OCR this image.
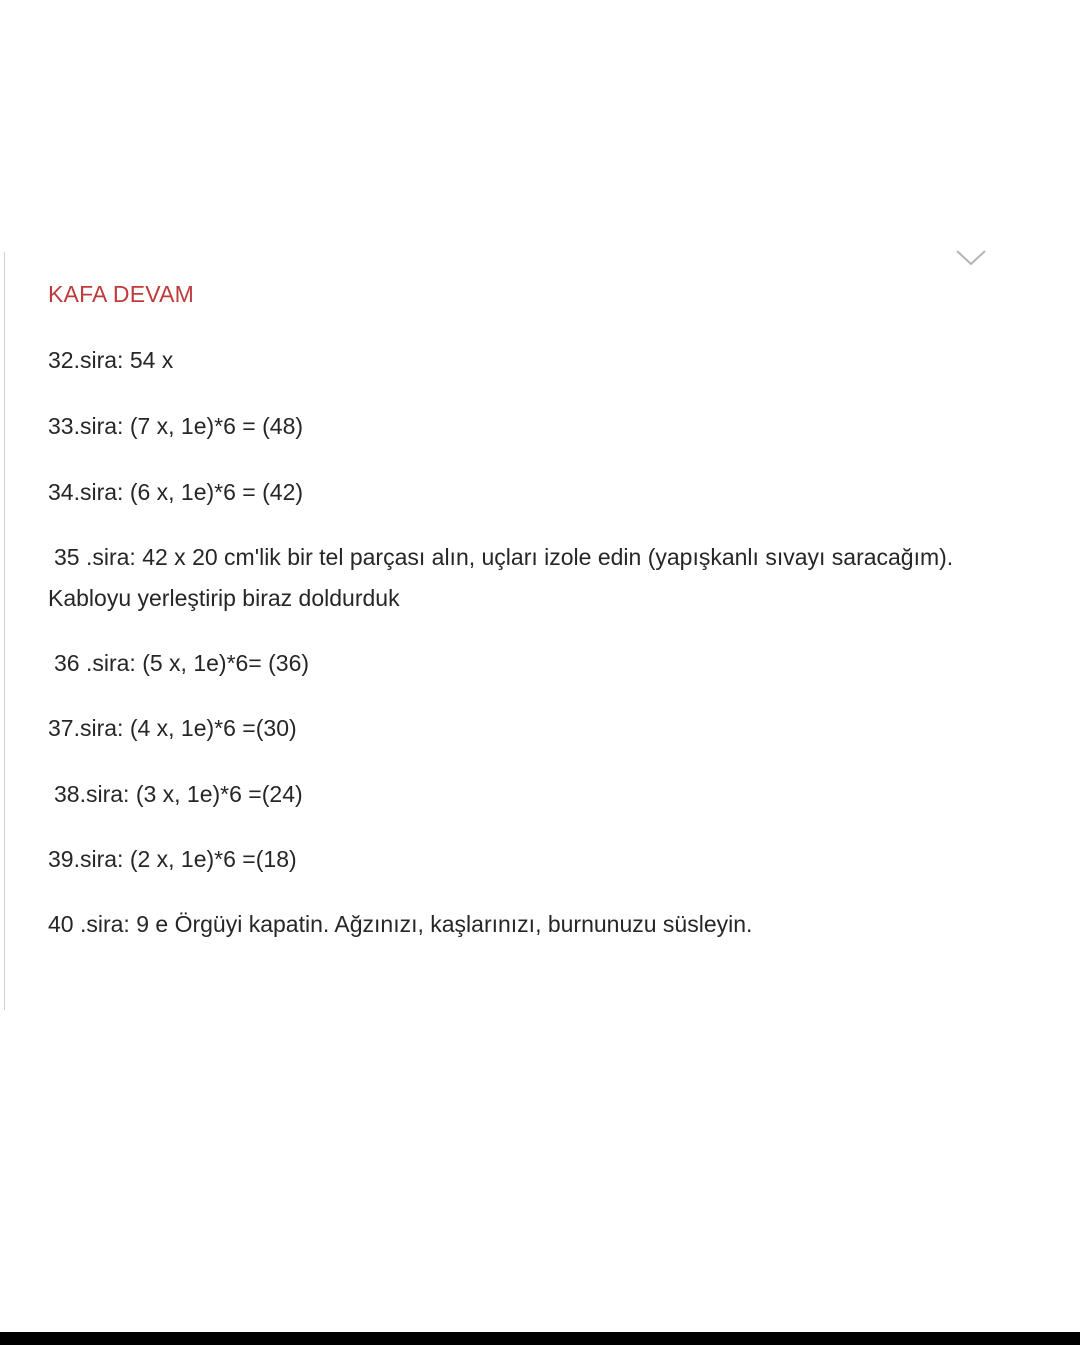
KAFA DEVAM
32.sira: 54 x
33.sira: (7 x, 1e)*6 = (48)
34.sira: (6 x, 1e)*6 = (42)
35 .sira: 42 x 20 cm'lik bir tel parçası alın, uçları izole edin (yapışkanlı sıvayı saracağım).
Kabloyu yerleştirip biraz doldurduk
36 .sira: (5 x, 1e)*6= (36)
37.sira: (4 x, 1e)*6 =(30)
38.sira: (3 x, 1e)*6 =(24)
39.sira: (2 x, 1e)*6 =(18)
40 .sira: 9 e Örgüyi kapatin. Ağzınızı, kaşlarınızı, burnunuzu süsleyin.
